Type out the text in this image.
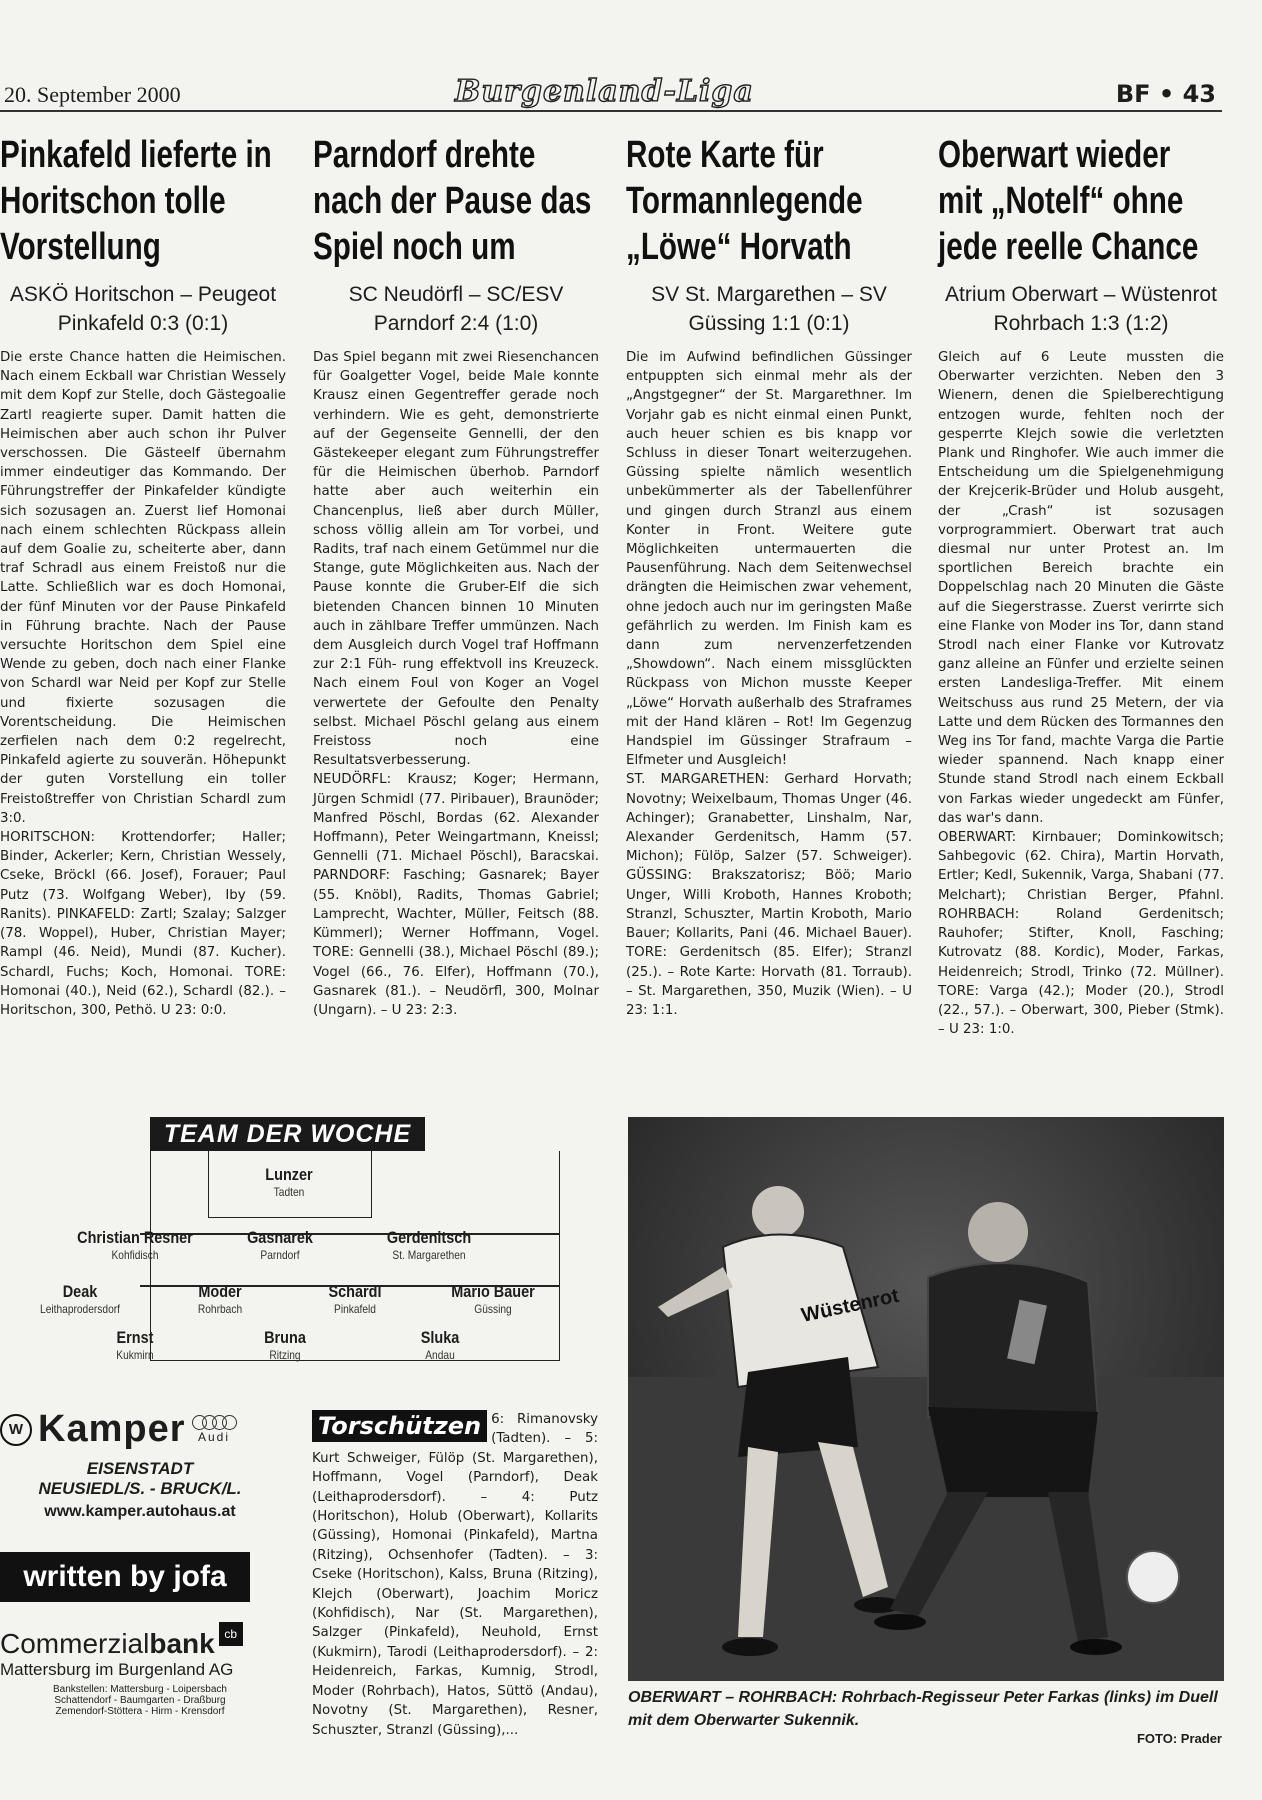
20. September 2000	Burgenland-Liga	BF • 43
Pinkafeld lieferte in Horitschon tolle Vorstellung
ASKÖ Horitschon – Peugeot Pinkafeld 0:3 (0:1)

Die erste Chance hatten die Heimischen. Nach einem Eckball war Christian Wessely mit dem Kopf zur Stelle, doch Gästegoalie Zartl reagierte super. Damit hatten die Heimischen aber auch schon ihr Pulver verschossen. Die Gästeelf übernahm immer eindeutiger das Kommando. Der Führungstreffer der Pinkafelder kündigte sich sozusagen an. Zuerst lief Homonai nach einem schlechten Rückpass allein auf dem Goalie zu, scheiterte aber, dann traf Schradl aus einem Freistoß nur die Latte. Schließlich war es doch Homonai, der fünf Minuten vor der Pause Pinkafeld in Führung brachte. Nach der Pause versuchte Horitschon dem Spiel eine Wende zu geben, doch nach einer Flanke von Schardl war Neid per Kopf zur Stelle und fixierte sozusagen die Vorentscheidung. Die Heimischen zerfielen nach dem 0:2 regelrecht, Pinkafeld agierte zu souverän. Höhepunkt der guten Vorstellung ein toller Freistoßtreffer von Christian Schardl zum 3:0.

HORITSCHON: Krottendorfer; Haller; Binder, Ackerler; Kern, Christian Wessely, Cseke, Bröckl (66. Josef), Forauer; Paul Putz (73. Wolfgang Weber), Iby (59. Ranits). PINKAFELD: Zartl; Szalay; Salzger (78. Woppel), Huber, Christian Mayer; Rampl (46. Neid), Mundi (87. Kucher). Schardl, Fuchs; Koch, Homonai. TORE: Homonai (40.), Neid (62.), Schardl (82.). – Horitschon, 300, Pethö. U 23: 0:0.

Parndorf drehte nach der Pause das Spiel noch um
SC Neudörfl – SC/ESV Parndorf 2:4 (1:0)

Das Spiel begann mit zwei Riesenchancen für Goalgetter Vogel, beide Male konnte Krausz einen Gegentreffer gerade noch verhindern. Wie es geht, demonstrierte auf der Gegenseite Gennelli, der den Gästekeeper elegant zum Führungstreffer für die Heimischen überhob. Parndorf hatte aber auch weiterhin ein Chancenplus, ließ aber durch Müller, schoss völlig allein am Tor vorbei, und Radits, traf nach einem Getümmel nur die Stange, gute Möglichkeiten aus. Nach der Pause konnte die Gruber-Elf die sich bietenden Chancen binnen 10 Minuten auch in zählbare Treffer ummünzen. Nach dem Ausgleich durch Vogel traf Hoffmann zur 2:1 Füh- rung effektvoll ins Kreuzeck. Nach einem Foul von Koger an Vogel verwertete der Gefoulte den Penalty selbst. Michael Pöschl gelang aus einem Freistoss noch eine Resultatsverbesserung.

NEUDÖRFL: Krausz; Koger; Hermann, Jürgen Schmidl (77. Piribauer), Braunöder; Manfred Pöschl, Bordas (62. Alexander Hoffmann), Peter Weingartmann, Kneissl; Gennelli (71. Michael Pöschl), Baracskai. PARNDORF: Fasching; Gasnarek; Bayer (55. Knöbl), Radits, Thomas Gabriel; Lamprecht, Wachter, Müller, Feitsch (88. Kümmerl); Werner Hoffmann, Vogel. TORE: Gennelli (38.), Michael Pöschl (89.); Vogel (66., 76. Elfer), Hoffmann (70.), Gasnarek (81.). – Neudörfl, 300, Molnar (Ungarn). – U 23: 2:3.

Rote Karte für Tormannlegende „Löwe“ Horvath
SV St. Margarethen – SV Güssing 1:1 (0:1)

Die im Aufwind befindlichen Güssinger entpuppten sich einmal mehr als der „Angstgegner“ der St. Margarethner. Im Vorjahr gab es nicht einmal einen Punkt, auch heuer schien es bis knapp vor Schluss in dieser Tonart weiterzugehen. Güssing spielte nämlich wesentlich unbekümmerter als der Tabellenführer und gingen durch Stranzl aus einem Konter in Front. Weitere gute Möglichkeiten untermauerten die Pausenführung. Nach dem Seitenwechsel drängten die Heimischen zwar vehement, ohne jedoch auch nur im geringsten Maße gefährlich zu werden. Im Finish kam es dann zum nervenzerfetzenden „Showdown“. Nach einem missglückten Rückpass von Michon musste Keeper „Löwe“ Horvath außerhalb des Straframes mit der Hand klären – Rot! Im Gegenzug Handspiel im Güssinger Strafraum – Elfmeter und Ausgleich!

ST. MARGARETHEN: Gerhard Horvath; Novotny; Weixelbaum, Thomas Unger (46. Achinger); Granabetter, Linshalm, Nar, Alexander Gerdenitsch, Hamm (57. Michon); Fülöp, Salzer (57. Schweiger). GÜSSING: Brakszatorisz; Böö; Mario Unger, Willi Kroboth, Hannes Kroboth; Stranzl, Schuszter, Martin Kroboth, Mario Bauer; Kollarits, Pani (46. Michael Bauer). TORE: Gerdenitsch (85. Elfer); Stranzl (25.). – Rote Karte: Horvath (81. Torraub). – St. Margarethen, 350, Muzik (Wien). – U 23: 1:1.

Oberwart wieder mit „Notelf“ ohne jede reelle Chance
Atrium Oberwart – Wüstenrot Rohrbach 1:3 (1:2)

Gleich auf 6 Leute mussten die Oberwarter verzichten. Neben den 3 Wienern, denen die Spielberechtigung entzogen wurde, fehlten noch der gesperrte Klejch sowie die verletzten Plank und Ringhofer. Wie auch immer die Entscheidung um die Spielgenehmigung der Krejcerik-Brüder und Holub ausgeht, der „Crash“ ist sozusagen vorprogrammiert. Oberwart trat auch diesmal nur unter Protest an. Im sportlichen Bereich brachte ein Doppelschlag nach 20 Minuten die Gäste auf die Siegerstrasse. Zuerst verirrte sich eine Flanke von Moder ins Tor, dann stand Strodl nach einer Flanke vor Kutrovatz ganz alleine an Fünfer und erzielte seinen ersten Landesliga-Treffer. Mit einem Weitschuss aus rund 25 Metern, der via Latte und dem Rücken des Tormannes den Weg ins Tor fand, machte Varga die Partie wieder spannend. Nach knapp einer Stunde stand Strodl nach einem Eckball von Farkas wieder ungedeckt am Fünfer, das war's dann.

OBERWART: Kirnbauer; Dominkowitsch; Sahbegovic (62. Chira), Martin Horvath, Ertler; Kedl, Sukennik, Varga, Shabani (77. Melchart); Christian Berger, Pfahnl. ROHRBACH: Roland Gerdenitsch; Rauhofer; Stifter, Knoll, Fasching; Kutrovatz (88. Kordic), Moder, Farkas, Heidenreich; Strodl, Trinko (72. Müllner). TORE: Varga (42.); Moder (20.), Strodl (22., 57.). – Oberwart, 300, Pieber (Stmk). – U 23: 1:0.

TEAM DER WOCHE
Lunzer
Tadten
Christian Resner
Kohfidisch
Gasnarek
Parndorf
Gerdenitsch
St. Margarethen
Deak
Leithaprodersdorf
Moder
Rohrbach
Schardl
Pinkafeld
Mario Bauer
Güssing
Ernst
Kukmirn
Bruna
Ritzing
Sluka
Andau
Wüstenrot
OBERWART – ROHRBACH: Rohrbach-Regisseur Peter Farkas (links) im Duell mit dem Oberwarter Sukennik.
FOTO: Prader
W Kamper Audi
EISENSTADT
NEUSIEDL/S. - BRUCK/L.
www.kamper.autohaus.at
written by jofa
Commerzial bank cb
Mattersburg im Burgenland AG
Bankstellen: Mattersburg - Loipersbach
Schattendorf - Baumgarten - Draßburg
Zemendorf-Stöttera - Hirm - Krensdorf
Torschützen 6: Rimanovsky (Tadten). – 5: Kurt Schweiger, Fülöp (St. Margarethen), Hoffmann, Vogel (Parndorf), Deak (Leithaprodersdorf). – 4: Putz (Horitschon), Holub (Oberwart), Kollarits (Güssing), Homonai (Pinkafeld), Martna (Ritzing), Ochsenhofer (Tadten). – 3: Cseke (Horitschon), Kalss, Bruna (Ritzing), Klejch (Oberwart), Joachim Moricz (Kohfidisch), Nar (St. Margarethen), Salzger (Pinkafeld), Neuhold, Ernst (Kukmirn), Tarodi (Leithaprodersdorf). – 2: Heidenreich, Farkas, Kumnig, Strodl, Moder (Rohrbach), Hatos, Süttö (Andau), Novotny (St. Margarethen), Resner, Schuszter, Stranzl (Güssing),...
